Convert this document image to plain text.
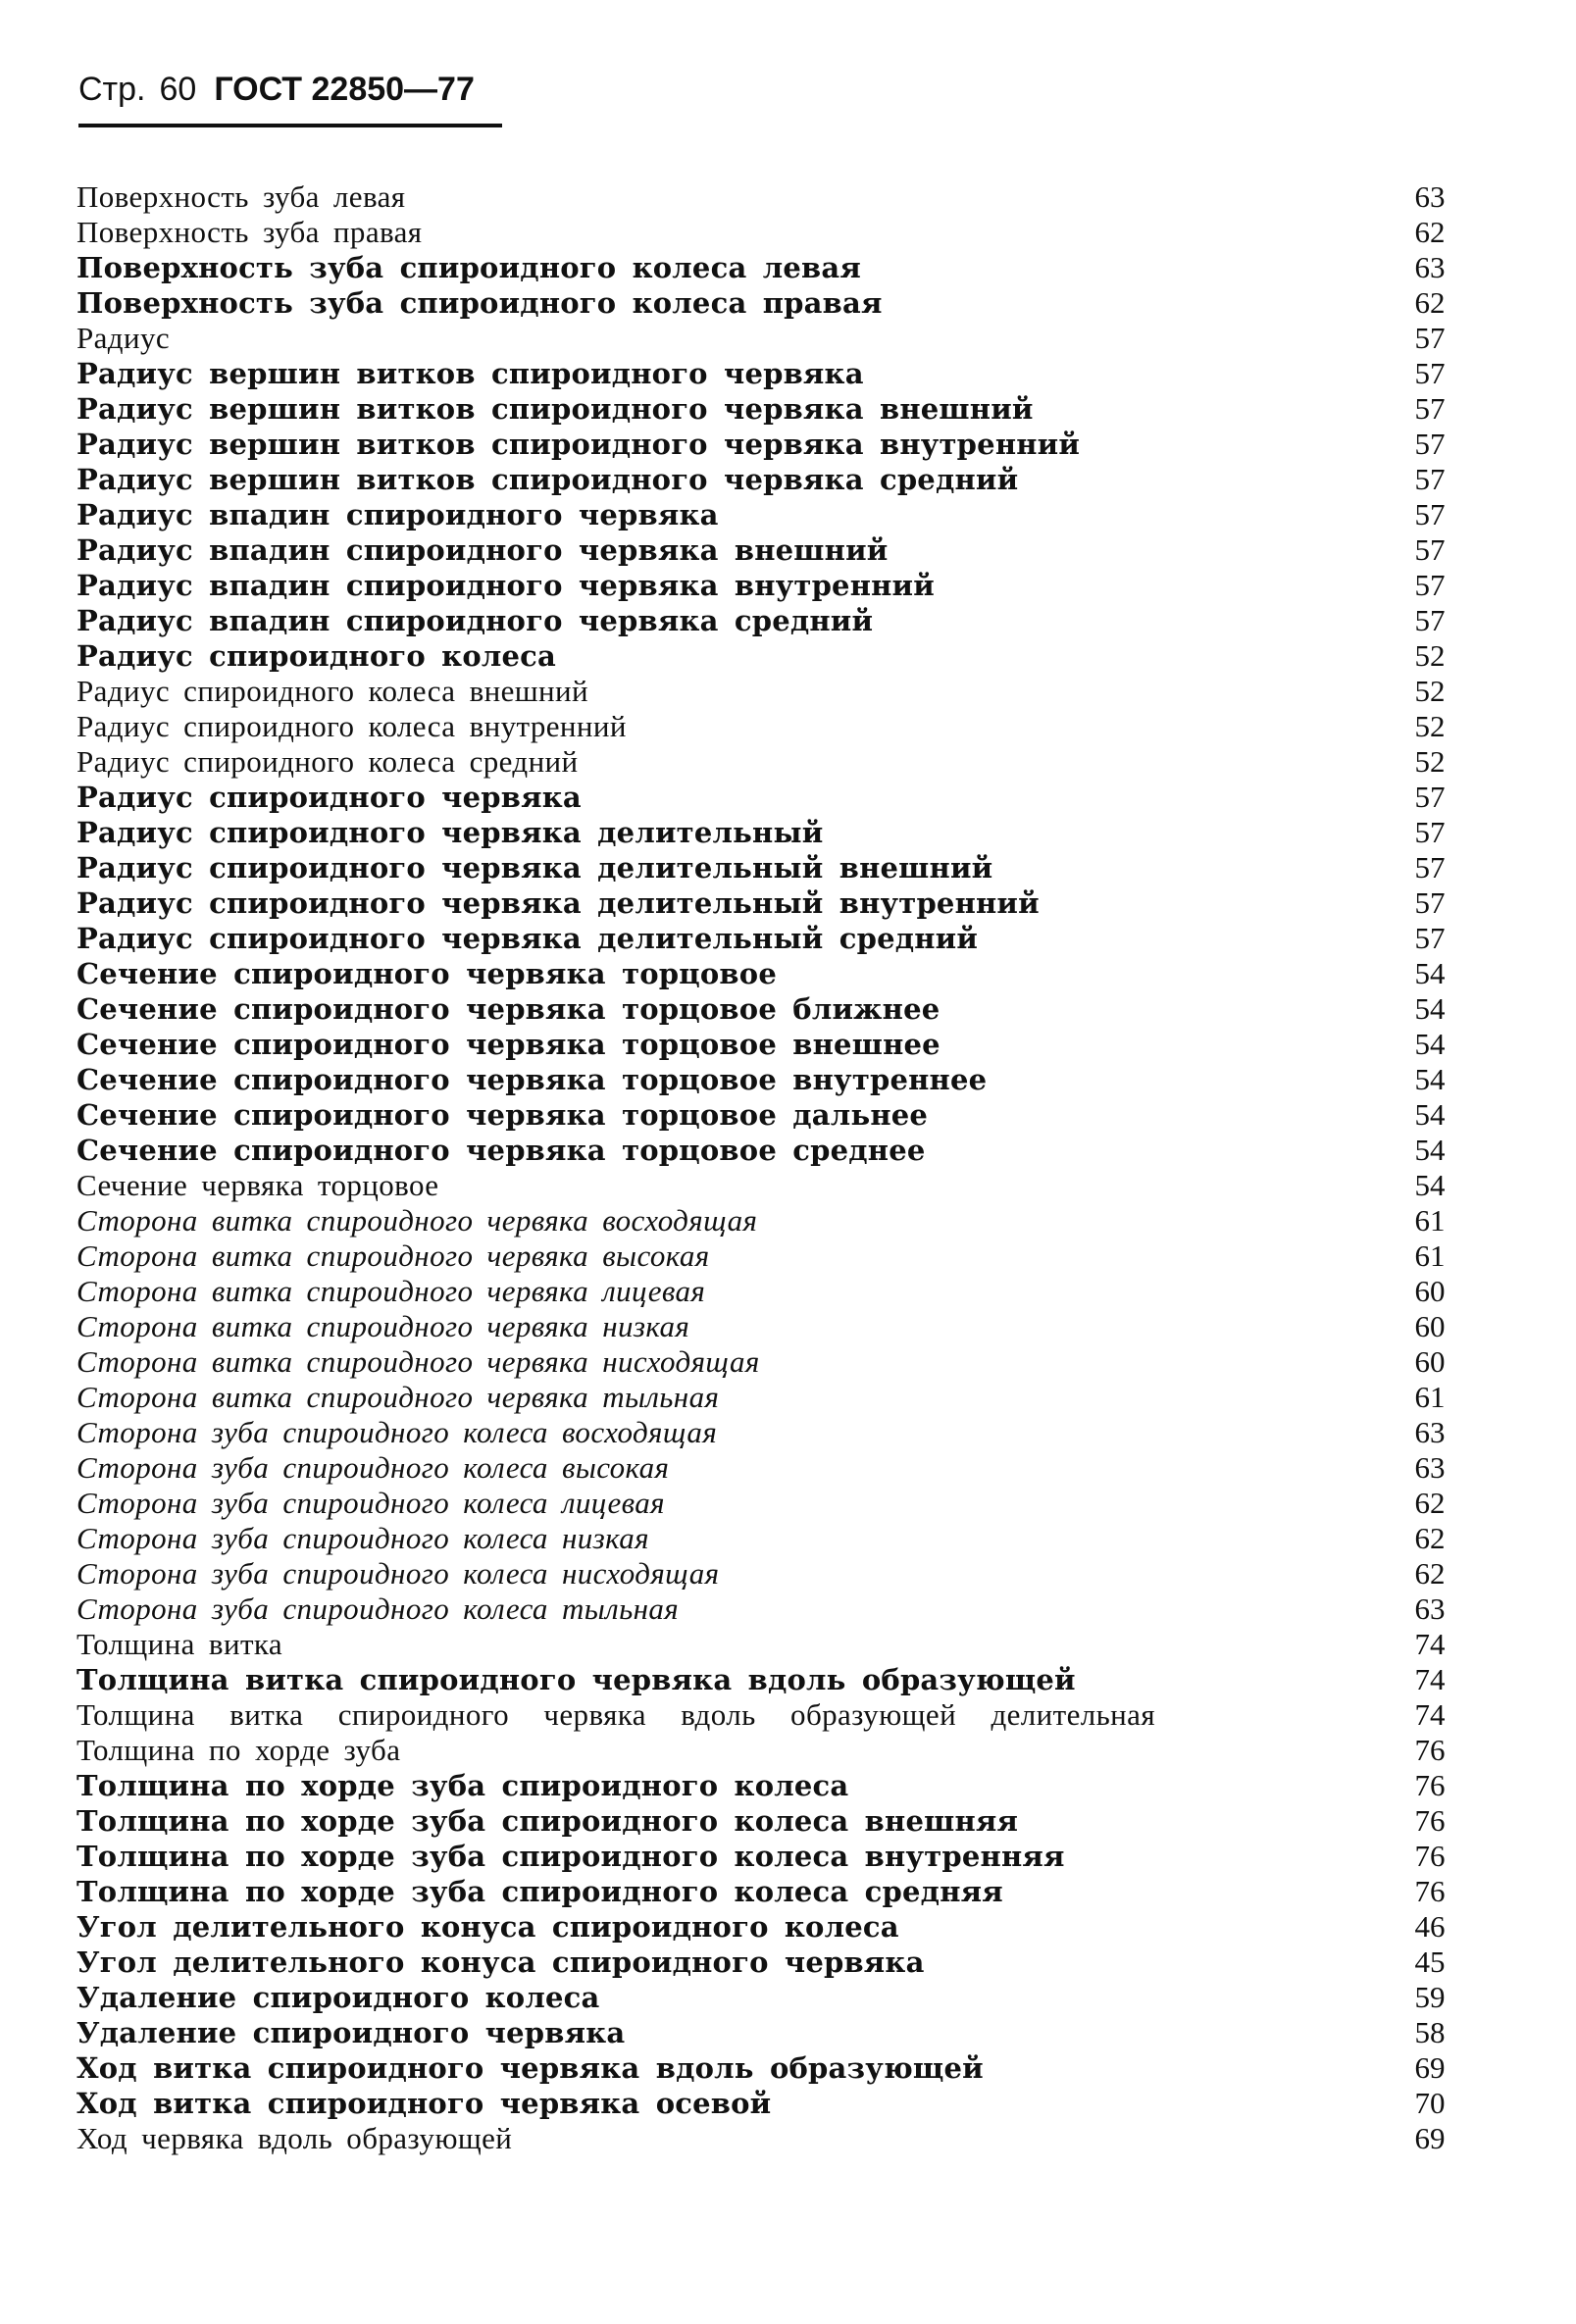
Стр. 60 ГОСТ 22850—77
Поверхность зуба левая	63
Поверхность зуба правая	62
Поверхность зуба спироидного колеса левая	63
Поверхность зуба спироидного колеса правая	62
Радиус	57
Радиус вершин витков спироидного червяка	57
Радиус вершин витков спироидного червяка внешний	57
Радиус вершин витков спироидного червяка внутренний	57
Радиус вершин витков спироидного червяка средний	57
Радиус впадин спироидного червяка	57
Радиус впадин спироидного червяка внешний	57
Радиус впадин спироидного червяка внутренний	57
Радиус впадин спироидного червяка средний	57
Радиус спироидного колеса	52
Радиус спироидного колеса внешний	52
Радиус спироидного колеса внутренний	52
Радиус спироидного колеса средний	52
Радиус спироидного червяка	57
Радиус спироидного червяка делительный	57
Радиус спироидного червяка делительный внешний	57
Радиус спироидного червяка делительный внутренний	57
Радиус спироидного червяка делительный средний	57
Сечение спироидного червяка торцовое	54
Сечение спироидного червяка торцовое ближнее	54
Сечение спироидного червяка торцовое внешнее	54
Сечение спироидного червяка торцовое внутреннее	54
Сечение спироидного червяка торцовое дальнее	54
Сечение спироидного червяка торцовое среднее	54
Сечение червяка торцовое	54
Сторона витка спироидного червяка восходящая	61
Сторона витка спироидного червяка высокая	61
Сторона витка спироидного червяка лицевая	60
Сторона витка спироидного червяка низкая	60
Сторона витка спироидного червяка нисходящая	60
Сторона витка спироидного червяка тыльная	61
Сторона зуба спироидного колеса восходящая	63
Сторона зуба спироидного колеса высокая	63
Сторона зуба спироидного колеса лицевая	62
Сторона зуба спироидного колеса низкая	62
Сторона зуба спироидного колеса нисходящая	62
Сторона зуба спироидного колеса тыльная	63
Толщина витка	74
Толщина витка спироидного червяка вдоль образующей	74
Толщина витка спироидного червяка вдоль образующей делительная	74
Толщина по хорде зуба	76
Толщина по хорде зуба спироидного колеса	76
Толщина по хорде зуба спироидного колеса внешняя	76
Толщина по хорде зуба спироидного колеса внутренняя	76
Толщина по хорде зуба спироидного колеса средняя	76
Угол делительного конуса спироидного колеса	46
Угол делительного конуса спироидного червяка	45
Удаление спироидного колеса	59
Удаление спироидного червяка	58
Ход витка спироидного червяка вдоль образующей	69
Ход витка спироидного червяка осевой	70
Ход червяка вдоль образующей	69
